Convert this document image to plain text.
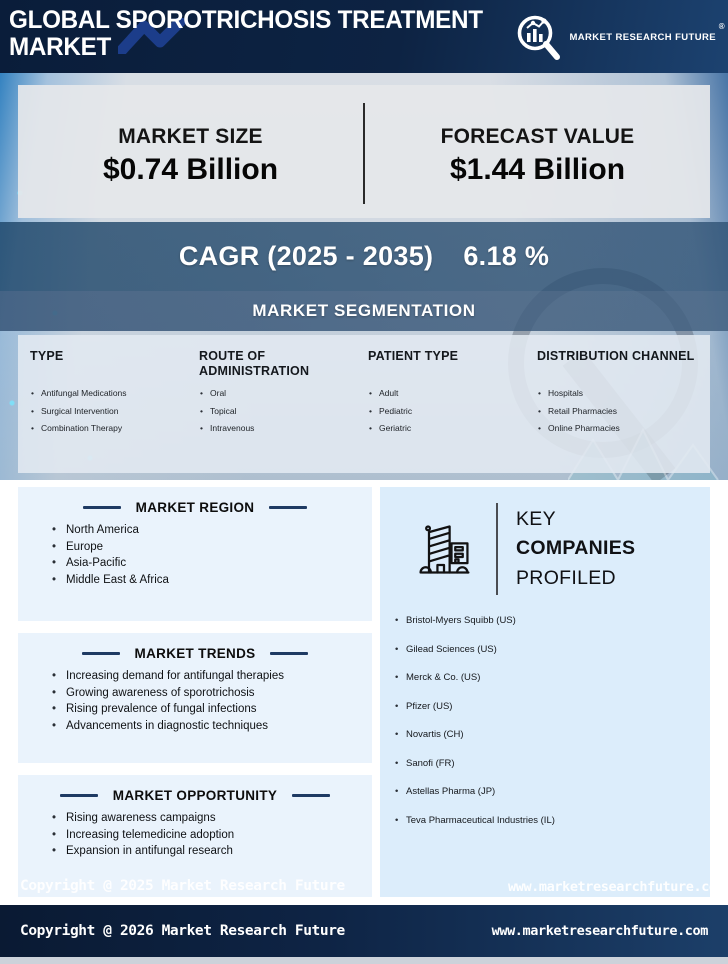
GLOBAL SPOROTRICHOSIS TREATMENT MARKET	MARKET RESEARCH FUTURE
®
MARKET SIZE
$0.74 Billion
FORECAST VALUE
$1.44 Billion
CAGR (2025 - 2035) 6.18 %
MARKET SEGMENTATION
TYPE
• Antifungal Medications
• Surgical Intervention
• Combination Therapy
ROUTE OF ADMINISTRATION
• Oral
• Topical
• Intravenous
PATIENT TYPE
• Adult
• Pediatric
• Geriatric
DISTRIBUTION CHANNEL
• Hospitals
• Retail Pharmacies
• Online Pharmacies
MARKET REGION
• North America
• Europe
• Asia-Pacific
• Middle East & Africa
MARKET TRENDS
• Increasing demand for antifungal therapies
• Growing awareness of sporotrichosis
• Rising prevalence of fungal infections
• Advancements in diagnostic techniques
MARKET OPPORTUNITY
• Rising awareness campaigns
• Increasing telemedicine adoption
• Expansion in antifungal research
KEY
COMPANIES
PROFILED
• Bristol-Myers Squibb (US)
• Gilead Sciences (US)
• Merck & Co. (US)
• Pfizer (US)
• Novartis (CH)
• Sanofi (FR)
• Astellas Pharma (JP)
• Teva Pharmaceutical Industries (IL)
Copyright @ 2025 Market Research Future	www.marketresearchfuture.com
Copyright @ 2026 Market Research Future	www.marketresearchfuture.com
